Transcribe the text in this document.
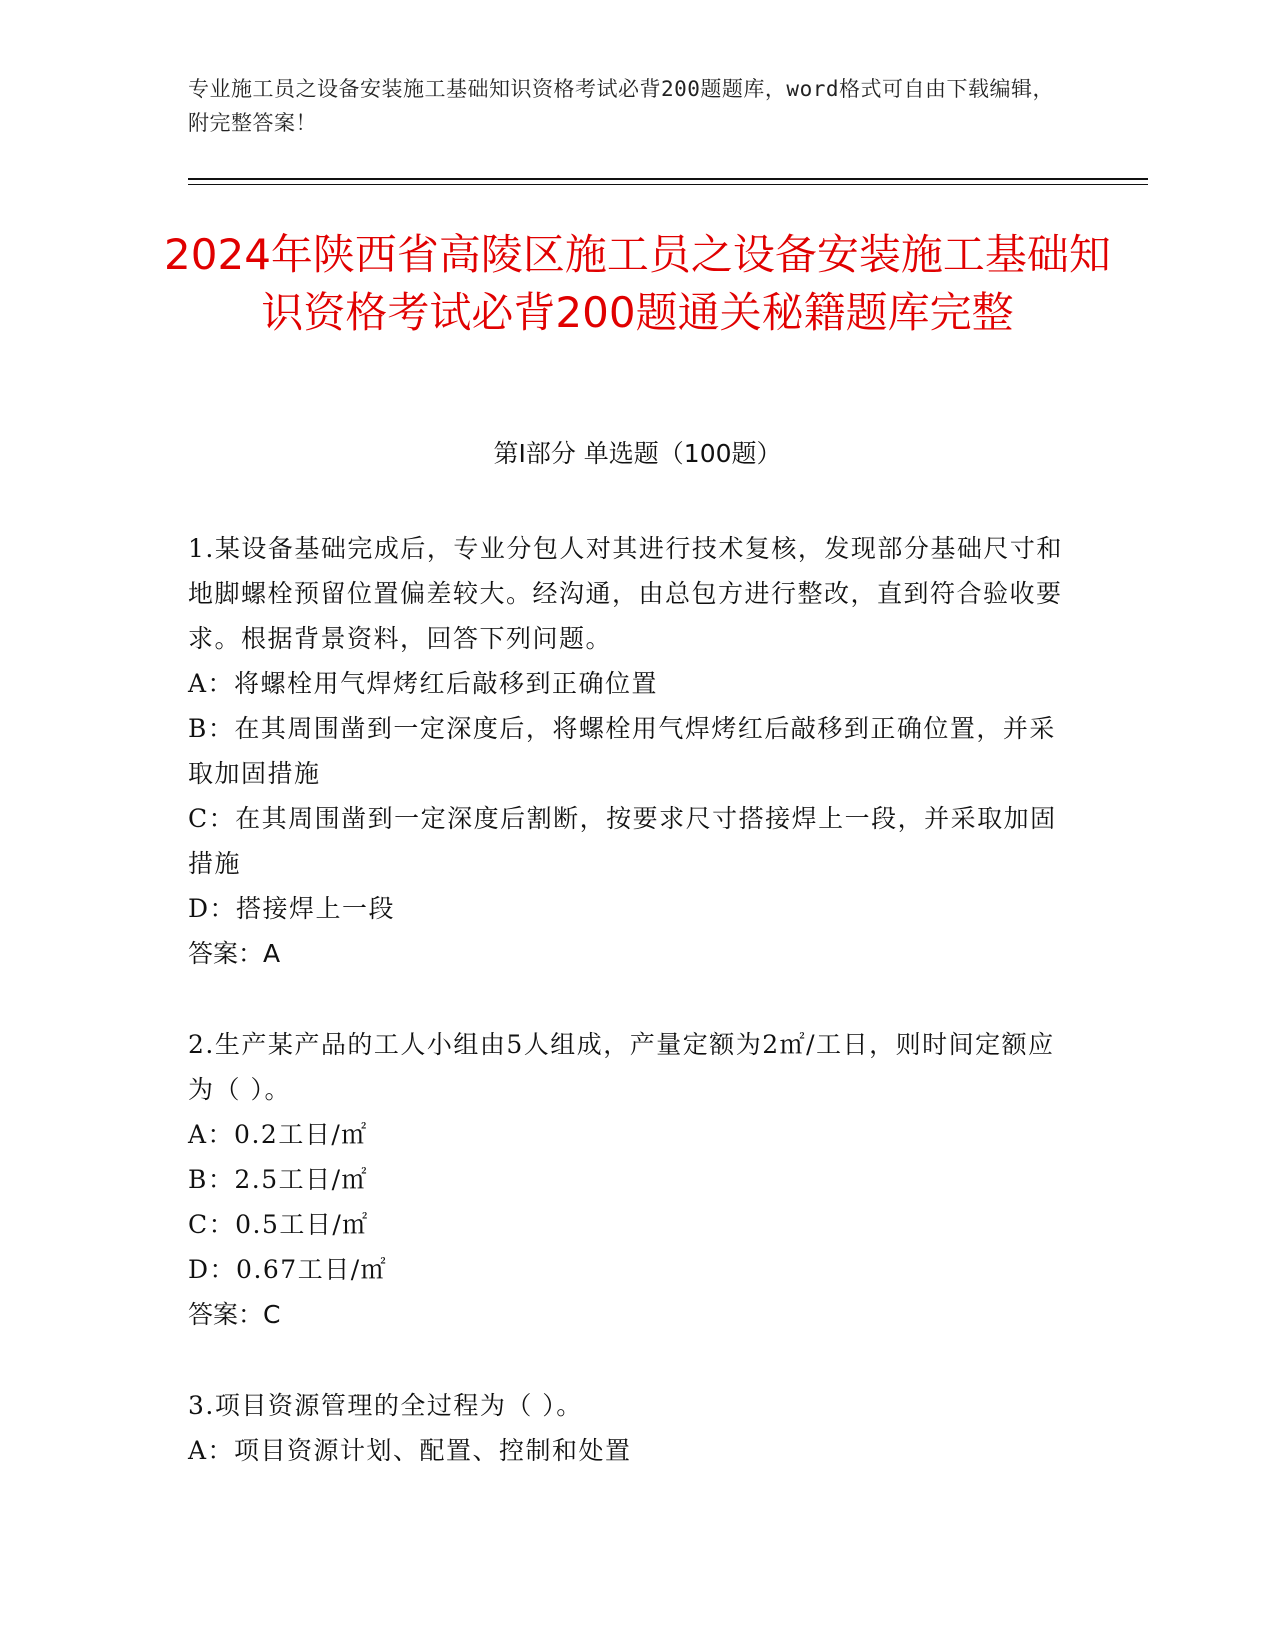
专业施工员之设备安装施工基础知识资格考试必背200题题库，word格式可自由下载编辑，附完整答案！
2024年陕西省高陵区施工员之设备安装施工基础知识资格考试必背200题通关秘籍题库完整
第I部分 单选题（100题）
1.某设备基础完成后，专业分包人对其进行技术复核，发现部分基础尺寸和地脚螺栓预留位置偏差较大。经沟通，由总包方进行整改，直到符合验收要求。根据背景资料，回答下列问题。
A：将螺栓用气焊烤红后敲移到正确位置
B：在其周围凿到一定深度后，将螺栓用气焊烤红后敲移到正确位置，并采取加固措施
C：在其周围凿到一定深度后割断，按要求尺寸搭接焊上一段，并采取加固措施
D：搭接焊上一段
答案：A
2.生产某产品的工人小组由5人组成，产量定额为2㎡/工日，则时间定额应为（ ）。
A：0.2工日/㎡
B：2.5工日/㎡
C：0.5工日/㎡
D：0.67工日/㎡
答案：C
3.项目资源管理的全过程为（ ）。
A：项目资源计划、配置、控制和处置
